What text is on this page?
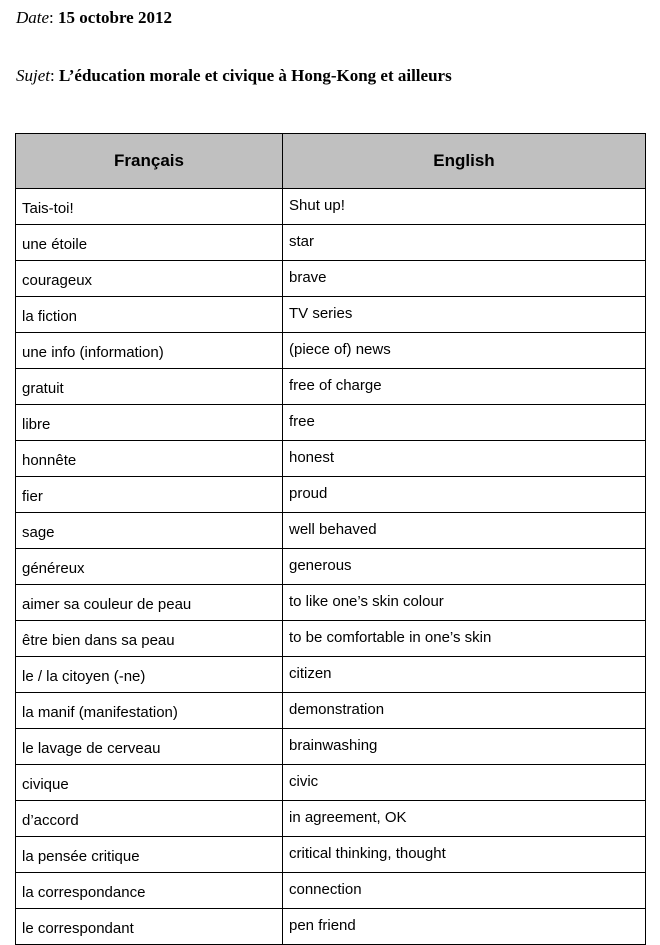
Date: 15 octobre 2012
Sujet: L’éducation morale et civique à Hong-Kong et ailleurs
Français	English
Tais-toi!	Shut up!
une étoile	star
courageux	brave
la fiction	TV series
une info (information)	(piece of) news
gratuit	free of charge
libre	free
honnête	honest
fier	proud
sage	well behaved
généreux	generous
aimer sa couleur de peau	to like one’s skin colour
être bien dans sa peau	to be comfortable in one’s skin
le / la citoyen (-ne)	citizen
la manif (manifestation)	demonstration
le lavage de cerveau	brainwashing
civique	civic
d’accord	in agreement, OK
la pensée critique	critical thinking, thought
la correspondance	connection
le correspondant	pen friend
